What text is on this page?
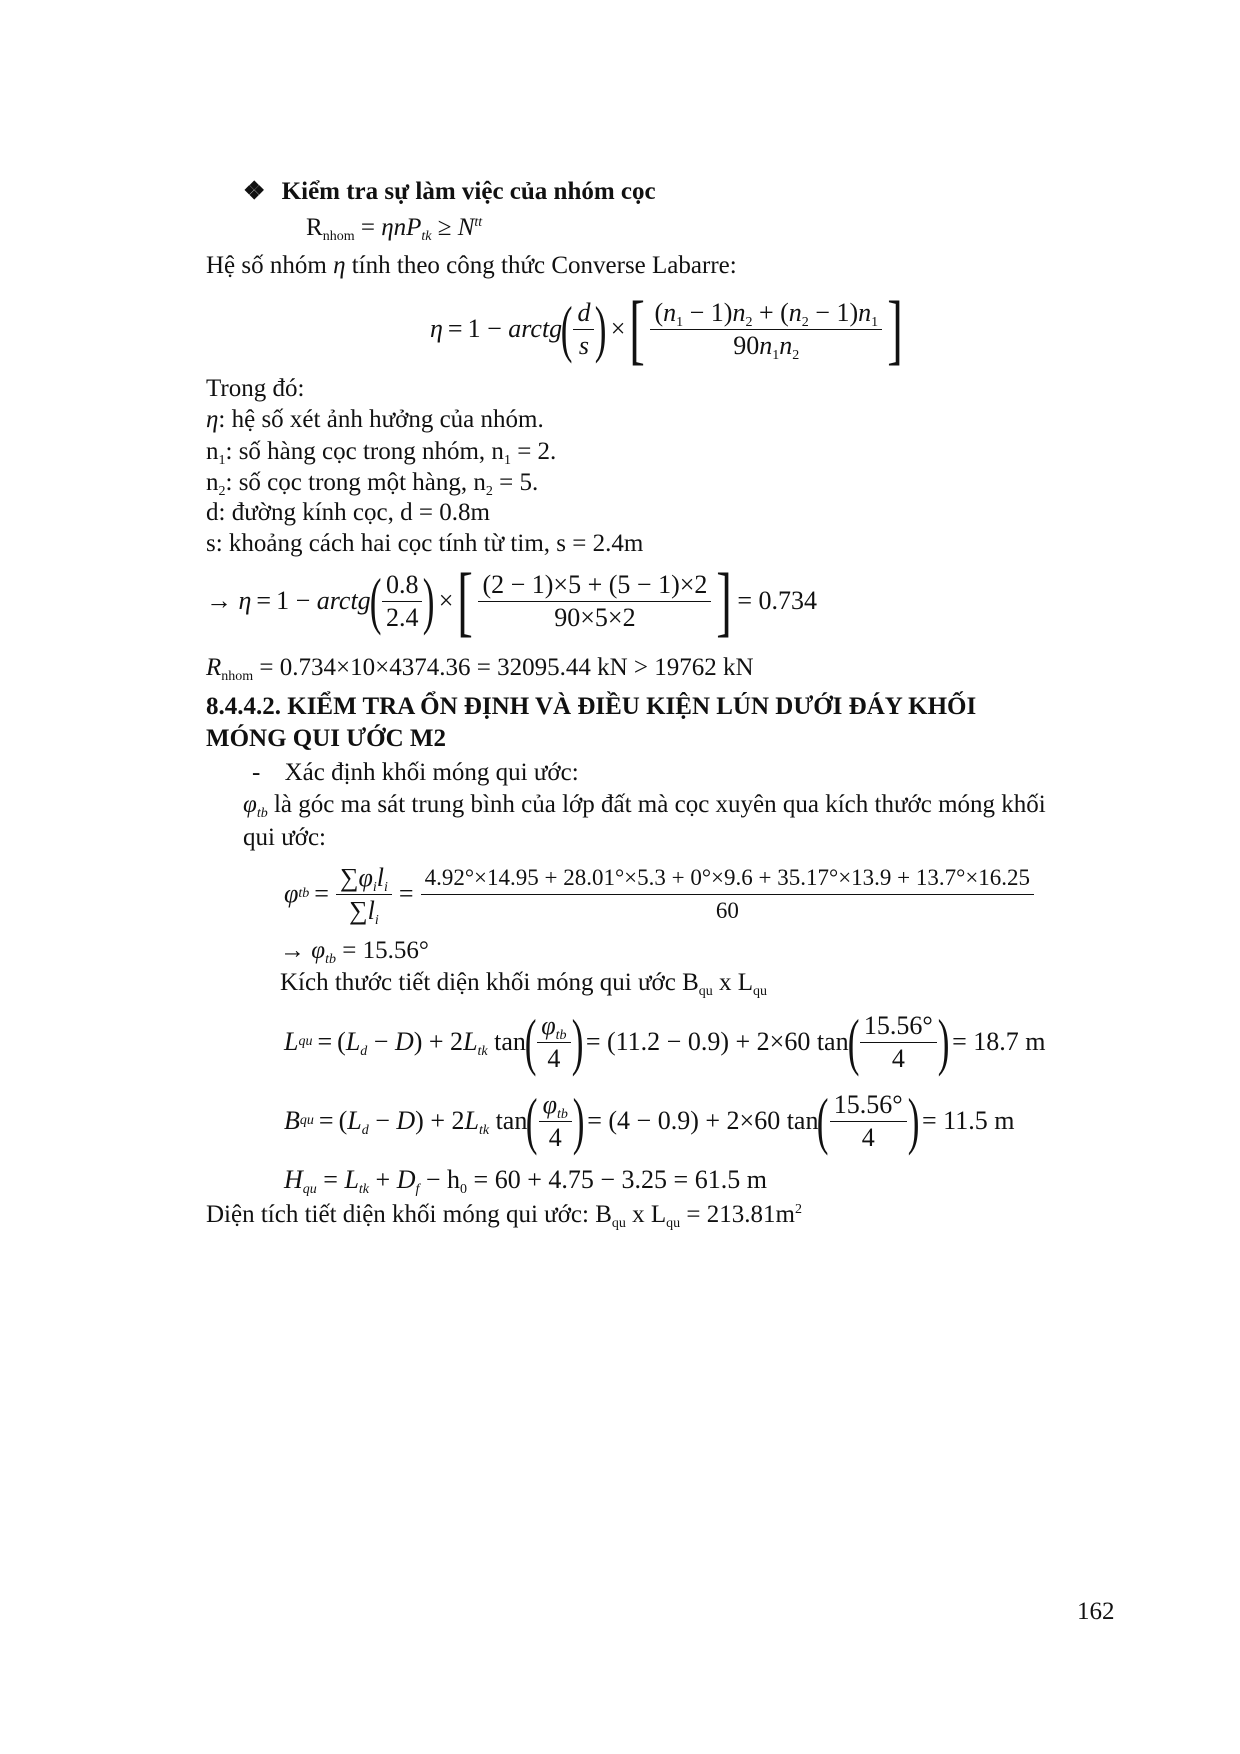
❖ Kiểm tra sự làm việc của nhóm cọc
$R_{nhom} = \eta nP_{tk} \ge N^{tt}$
Hệ số nhóm η tính theo công thức Converse Labarre:
η = 1 − arctg
( $\frac{d}{s}$ ) × [ $\frac{(n_1 - 1)n_2 + (n_2 - 1)n_1}{90n_1n_2}$ ]
Trong đó:
η: hệ số xét ảnh hưởng của nhóm.
$n_1$: số hàng cọc trong nhóm, $n_1 = 2$.
$n_2$: số cọc trong một hàng, $n_2 = 5$.
d: đường kính cọc, d = 0.8m
s: khoảng cách hai cọc tính từ tim, s = 2.4m
→ η = 1 − arctg
( $\frac{0.8}{2.4}$ ) × [ $\frac{(2 - 1)\times 5 + (5 - 1)\times 2}{90\times 5\times 2}$ ] = 0.734
$R_{nhom} = 0.734\times 10\times 4374.36 = 32095.44$ kN > 19762 kN
8.4.4.2. KIỂM TRA ỔN ĐỊNH VÀ ĐIỀU KIỆN LÚN DƯỚI ĐÁY KHỐI
MÓNG QUI ƯỚC M2
- Xác định khối móng qui ước:
$\varphi_{tb}$ là góc ma sát trung bình của lớp đất mà cọc xuyên qua kích thước móng khối
qui ước:
φ tb = $\frac{\sum\varphi_il_i}{\sum l_i}$ =
4.92°×14.95 + 28.01°×5.3 + 0°×9.6 + 35.17°×13.9 + 13.7°×16.25
60
→ $\varphi_{tb} = 15.56^\circ$
Kích thước tiết diện khối móng qui ước $B_{qu}$ x $L_{qu}$
L qu = $(L_d - D) + 2L_{tk}$ tan
( $\frac{\varphi_{tb}}{4}$ ) = (11.2 − 0.9) + 2×60 tan
( $\frac{15.56^\circ}{4}$ ) = 18.7 m
B qu = $(L_d - D) + 2L_{tk}$ tan
( $\frac{\varphi_{tb}}{4}$ ) = (4 − 0.9) + 2×60 tan
( $\frac{15.56^\circ}{4}$ ) = 11.5 m
$H_{qu} = L_{tk} + D_f - h_0 = 60 + 4.75 - 3.25 = 61.5$ m
Diện tích tiết diện khối móng qui ước: $B_{qu}$ x $L_{qu} = 213.81m^2$
162
